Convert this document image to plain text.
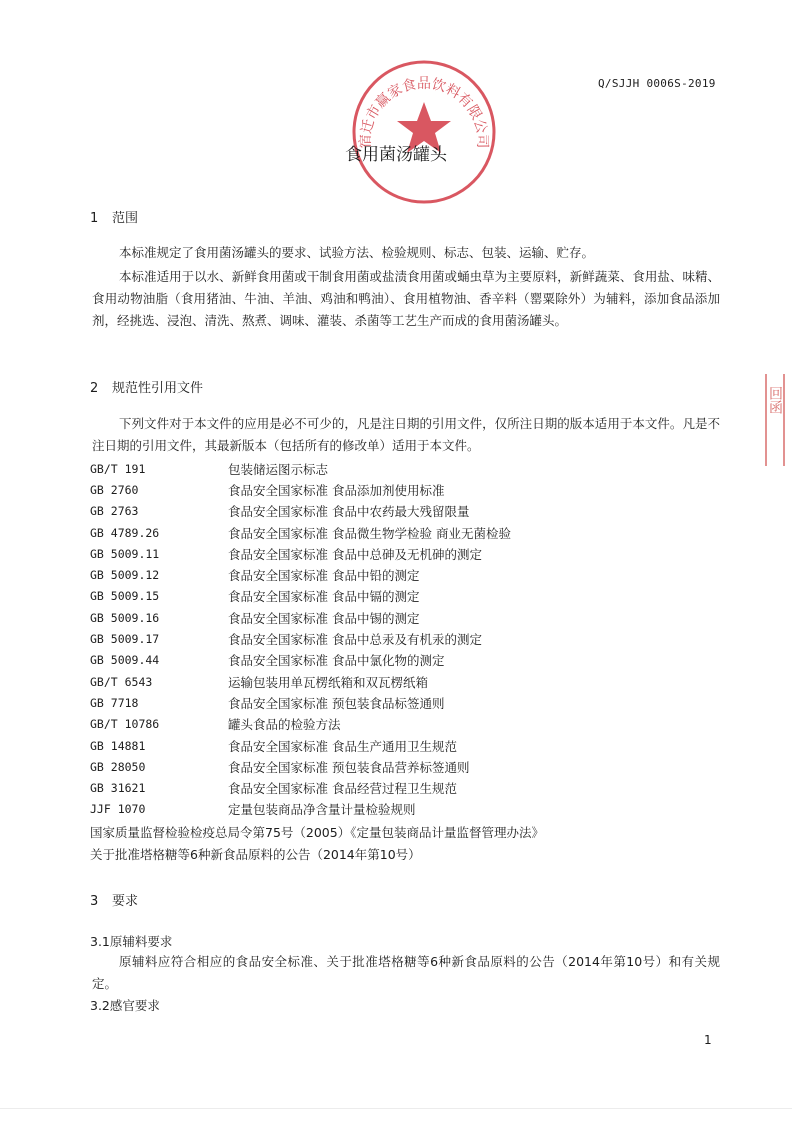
Q/SJJH 0006S-2019
宿迁市赢家食品饮料有限公司
食用菌汤罐头
回函
1 范围

本标准规定了食用菌汤罐头的要求、试验方法、检验规则、标志、包装、运输、贮存。

本标准适用于以水、新鲜食用菌或干制食用菌或盐渍食用菌或蛹虫草为主要原料，新鲜蔬菜、食用盐、味精、食用动物油脂（食用猪油、牛油、羊油、鸡油和鸭油）、食用植物油、香辛料（罂粟除外）为辅料，添加食品添加剂，经挑选、浸泡、清洗、熬煮、调味、灌装、杀菌等工艺生产而成的食用菌汤罐头。

2 规范性引用文件

下列文件对于本文件的应用是必不可少的，凡是注日期的引用文件，仅所注日期的版本适用于本文件。凡是不注日期的引用文件，其最新版本（包括所有的修改单）适用于本文件。

GB/T 191	包装储运图示标志
GB 2760	食品安全国家标准 食品添加剂使用标准
GB 2763	食品安全国家标准 食品中农药最大残留限量
GB 4789.26	食品安全国家标准 食品微生物学检验 商业无菌检验
GB 5009.11	食品安全国家标准 食品中总砷及无机砷的测定
GB 5009.12	食品安全国家标准 食品中铅的测定
GB 5009.15	食品安全国家标准 食品中镉的测定
GB 5009.16	食品安全国家标准 食品中锡的测定
GB 5009.17	食品安全国家标准 食品中总汞及有机汞的测定
GB 5009.44	食品安全国家标准 食品中氯化物的测定
GB/T 6543	运输包装用单瓦楞纸箱和双瓦楞纸箱
GB 7718	食品安全国家标准 预包装食品标签通则
GB/T 10786	罐头食品的检验方法
GB 14881	食品安全国家标准 食品生产通用卫生规范
GB 28050	食品安全国家标准 预包装食品营养标签通则
GB 31621	食品安全国家标准 食品经营过程卫生规范
JJF 1070	定量包装商品净含量计量检验规则

国家质量监督检验检疫总局令第75号（2005）《定量包装商品计量监督管理办法》

关于批准塔格糖等6种新食品原料的公告（2014年第10号）

3 要求
3.1原辅料要求

原辅料应符合相应的食品安全标准、关于批准塔格糖等6种新食品原料的公告（2014年第10号）和有关规定。

3.2感官要求
1
